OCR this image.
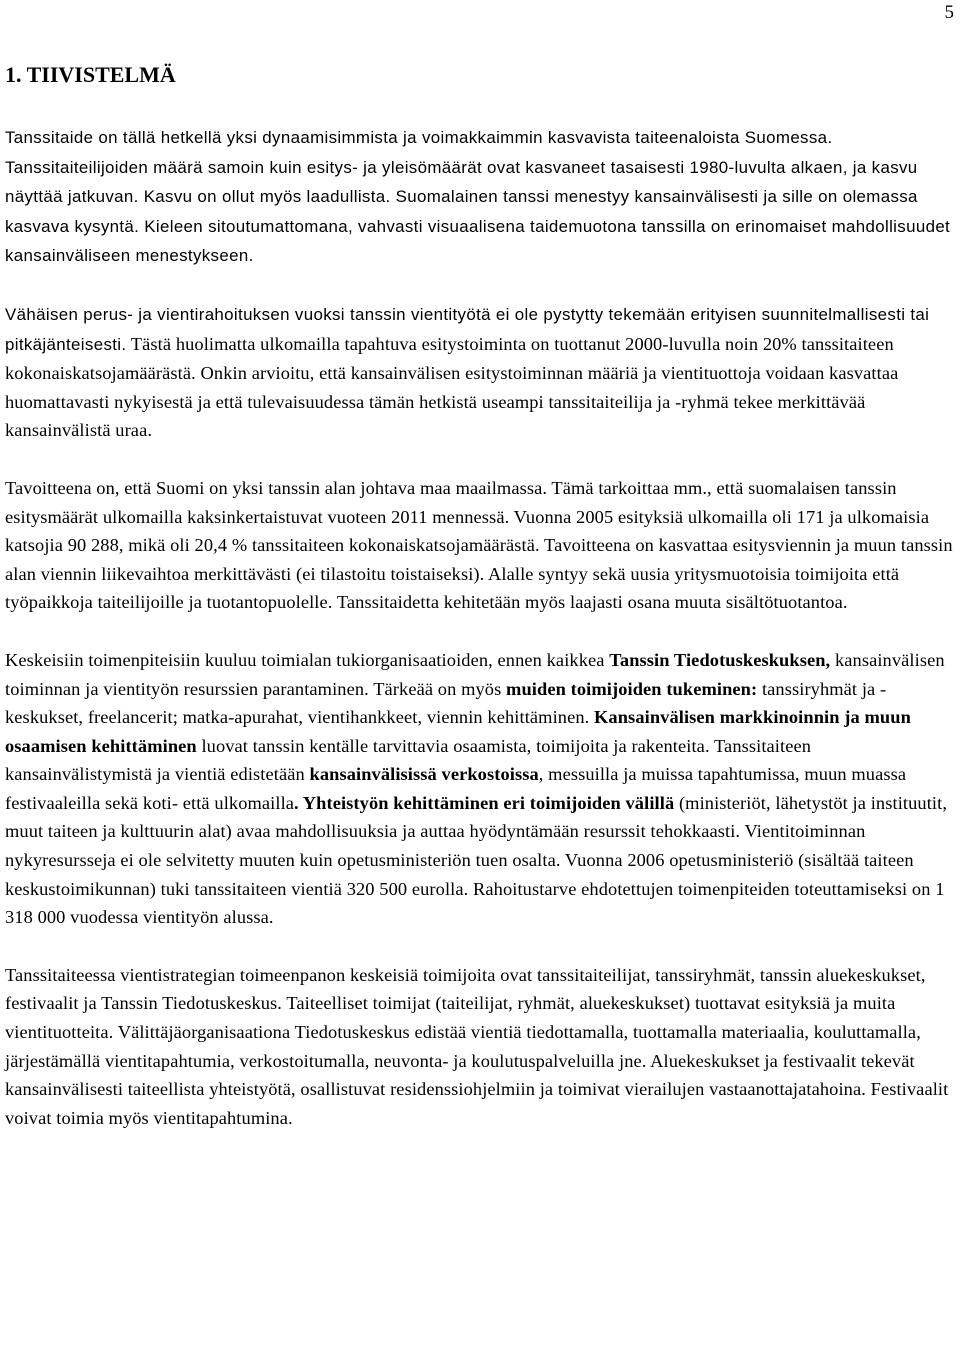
5
1. TIIVISTELMÄ

Tanssitaide on tällä hetkellä yksi dynaamisimmista ja voimakkaimmin kasvavista taiteenaloista Suomessa. Tanssitaiteilijoiden määrä samoin kuin esitys- ja yleisömäärät ovat kasvaneet tasaisesti 1980-luvulta alkaen, ja kasvu näyttää jatkuvan. Kasvu on ollut myös laadullista. Suomalainen tanssi menestyy kansainvälisesti ja sille on olemassa kasvava kysyntä. Kieleen sitoutumattomana, vahvasti visuaalisena taidemuotona tanssilla on erinomaiset mahdollisuudet kansainväliseen menestykseen.

Vähäisen perus- ja vientirahoituksen vuoksi tanssin vientityötä ei ole pystytty tekemään erityisen suunnitelmallisesti tai pitkäjänteisesti. Tästä huolimatta ulkomailla tapahtuva esitystoiminta on tuottanut 2000-luvulla noin 20% tanssitaiteen kokonaiskatsojamäärästä. Onkin arvioitu, että kansainvälisen esitystoiminnan määriä ja vientituottoja voidaan kasvattaa huomattavasti nykyisestä ja että tulevaisuudessa tämän hetkistä useampi tanssitaiteilija ja -ryhmä tekee merkittävää kansainvälistä uraa.

Tavoitteena on, että Suomi on yksi tanssin alan johtava maa maailmassa. Tämä tarkoittaa mm., että suomalaisen tanssin esitysmäärät ulkomailla kaksinkertaistuvat vuoteen 2011 mennessä. Vuonna 2005 esityksiä ulkomailla oli 171 ja ulkomaisia katsojia 90 288, mikä oli 20,4 % tanssitaiteen kokonaiskatsojamäärästä. Tavoitteena on kasvattaa esitysviennin ja muun tanssin alan viennin liikevaihtoa merkittävästi (ei tilastoitu toistaiseksi). Alalle syntyy sekä uusia yritysmuotoisia toimijoita että työpaikkoja taiteilijoille ja tuotantopuolelle. Tanssitaidetta kehitetään myös laajasti osana muuta sisältötuotantoa.

Keskeisiin toimenpiteisiin kuuluu toimialan tukiorganisaatioiden, ennen kaikkea Tanssin Tiedotuskeskuksen, kansainvälisen toiminnan ja vientityön resurssien parantaminen. Tärkeää on myös muiden toimijoiden tukeminen: tanssiryhmät ja -keskukset, freelancerit; matka-apurahat, vientihankkeet, viennin kehittäminen. Kansainvälisen markkinoinnin ja muun osaamisen kehittäminen luovat tanssin kentälle tarvittavia osaamista, toimijoita ja rakenteita. Tanssitaiteen kansainvälistymistä ja vientiä edistetään kansainvälisissä verkostoissa, messuilla ja muissa tapahtumissa, muun muassa festivaaleilla sekä koti- että ulkomailla. Yhteistyön kehittäminen eri toimijoiden välillä (ministeriöt, lähetystöt ja instituutit, muut taiteen ja kulttuurin alat) avaa mahdollisuuksia ja auttaa hyödyntämään resurssit tehokkaasti. Vientitoiminnan nykyresursseja ei ole selvitetty muuten kuin opetusministeriön tuen osalta. Vuonna 2006 opetusministeriö (sisältää taiteen keskustoimikunnan) tuki tanssitaiteen vientiä 320 500 eurolla. Rahoitustarve ehdotettujen toimenpiteiden toteuttamiseksi on 1 318 000 vuodessa vientityön alussa.

Tanssitaiteessa vientistrategian toimeenpanon keskeisiä toimijoita ovat tanssitaiteilijat, tanssiryhmät, tanssin aluekeskukset, festivaalit ja Tanssin Tiedotuskeskus. Taiteelliset toimijat (taiteilijat, ryhmät, aluekeskukset) tuottavat esityksiä ja muita vientituotteita. Välittäjäorganisaationa Tiedotuskeskus edistää vientiä tiedottamalla, tuottamalla materiaalia, kouluttamalla, järjestämällä vientitapahtumia, verkostoitumalla, neuvonta- ja koulutuspalveluilla jne. Aluekeskukset ja festivaalit tekevät kansainvälisesti taiteellista yhteistyötä, osallistuvat residenssiohjelmiin ja toimivat vierailujen vastaanottajatahoina. Festivaalit voivat toimia myös vientitapahtumina.
